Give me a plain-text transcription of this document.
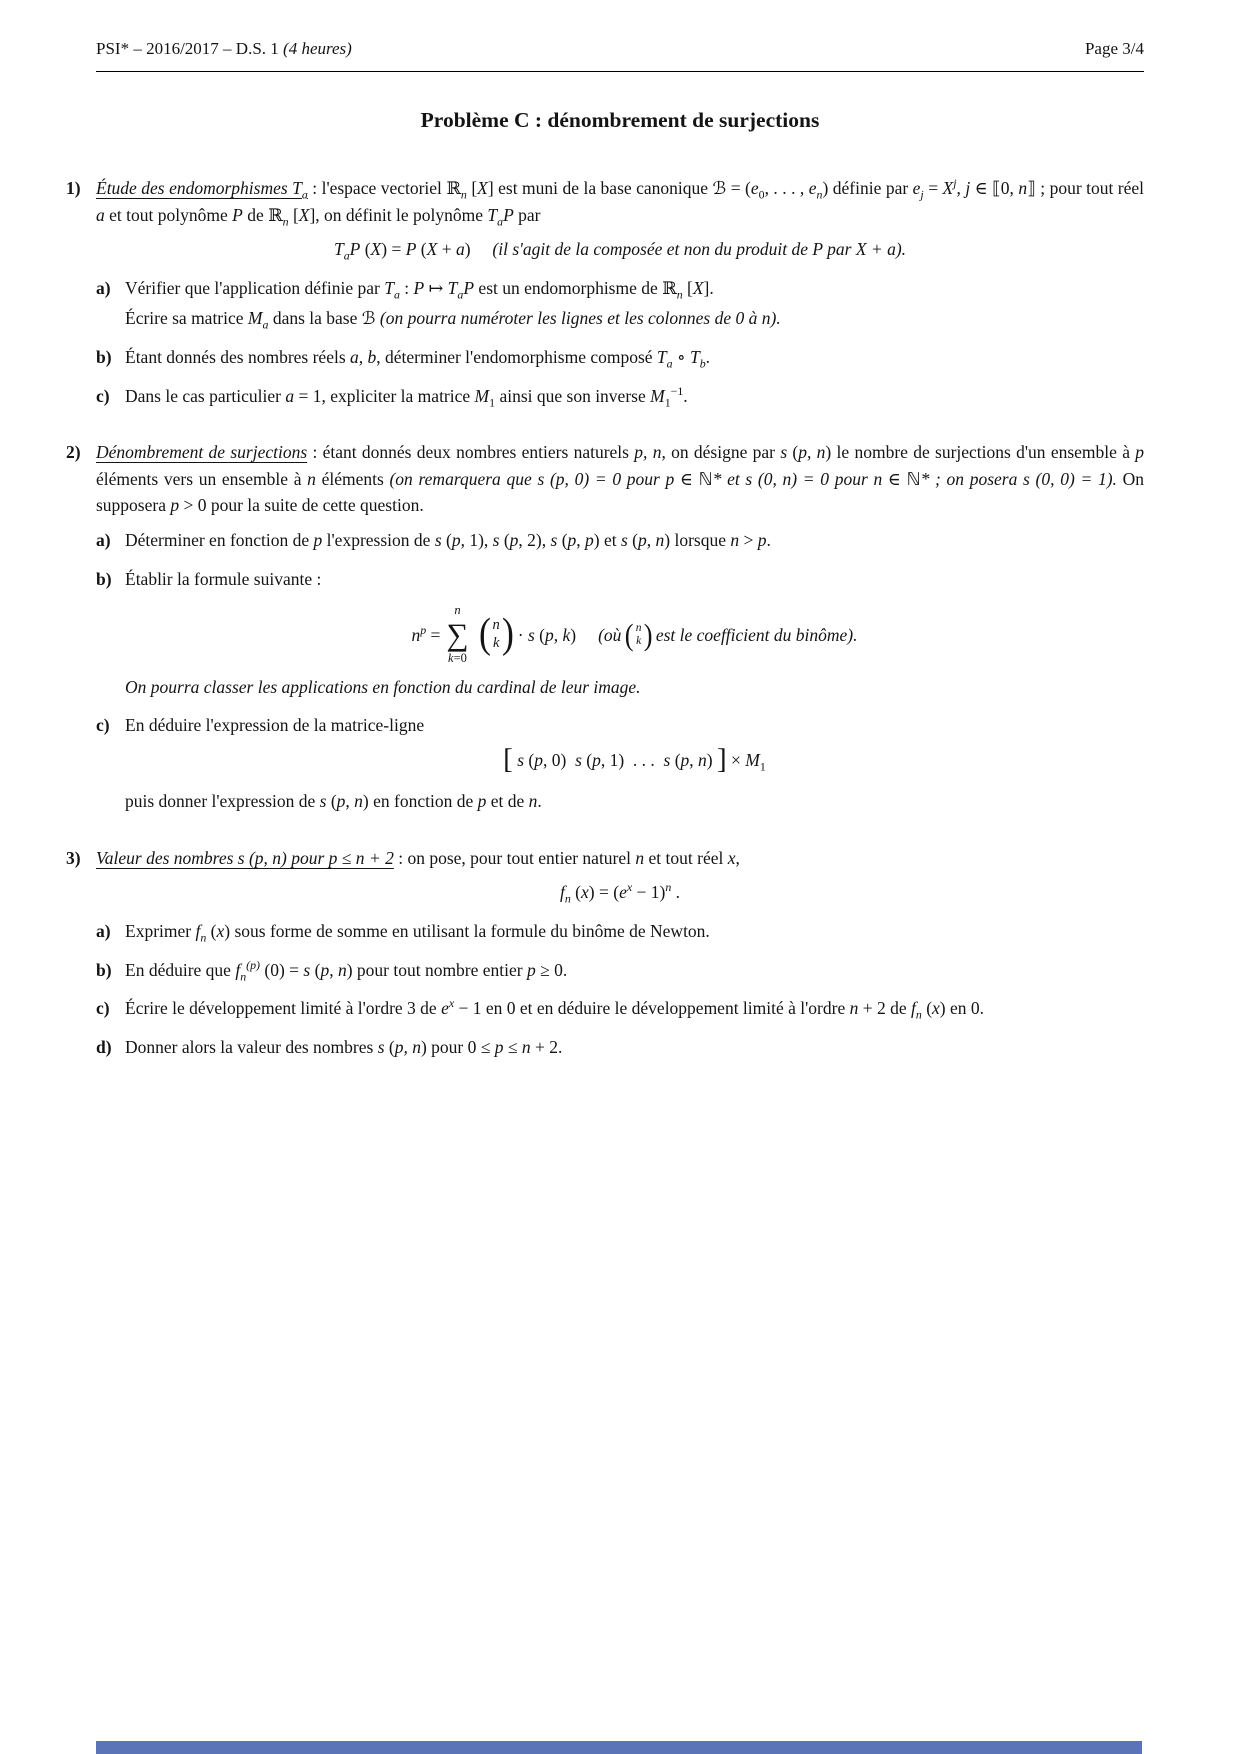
PSI* – 2016/2017 – D.S. 1 (4 heures)	Page 3/4
Problème C : dénombrement de surjections
1) Étude des endomorphismes $T_a$ : l'espace vectoriel ℝ$_n$ [X] est muni de la base canonique ℬ = ($e_0$, . . . , $e_n$) définie par $e_j = X^j$, j ∈ ⟦0, n⟧ ; pour tout réel a et tout polynôme P de ℝ$_n$ [X], on définit le polynôme $T_aP$ par

$T_aP$ (X) = P (X + a) (il s'agit de la composée et non du produit de P par X + a).
a) Vérifier que l'application définie par $T_a$ : P ↦ $T_aP$ est un endomorphisme de ℝ$_n$ [X].

Écrire sa matrice $M_a$ dans la base ℬ (on pourra numéroter les lignes et les colonnes de 0 à n).

b) Étant donnés des nombres réels a, b, déterminer l'endomorphisme composé $T_a$ ∘ $T_b$.

c) Dans le cas particulier a = 1, expliciter la matrice $M_1$ ainsi que son inverse $M_1^{-1}$.

2) Dénombrement de surjections : étant donnés deux nombres entiers naturels p, n, on désigne par s (p, n) le nombre de surjections d'un ensemble à p éléments vers un ensemble à n éléments (on remarquera que s (p, 0) = 0 pour p ∈ ℕ* et s (0, n) = 0 pour n ∈ ℕ* ; on posera s (0, 0) = 1). On supposera p > 0 pour la suite de cette question.

a) Déterminer en fonction de p l'expression de s (p, 1), s (p, 2), s (p, p) et s (p, n) lorsque n > p.

b) Établir la formule suivante :

$n^p$ =
n
∑
k=0
( n
k ) · s (p, k) (où ( n
k ) est le coefficient du binôme).

On pourra classer les applications en fonction du cardinal de leur image.

c) En déduire l'expression de la matrice-ligne

[ s (p, 0)  s (p, 1)  . . .  s (p, n) ] × $M_1$

puis donner l'expression de s (p, n) en fonction de p et de n.

3) Valeur des nombres s (p, n) pour p ≤ n + 2 : on pose, pour tout entier naturel n et tout réel x,

$f_n$ $(x) = (e^x - 1)^n$ .
a) Exprimer $f_n$ (x) sous forme de somme en utilisant la formule du binôme de Newton.

b) En déduire que $f_n^{(p)}$ (0) = s (p, n) pour tout nombre entier p ≥ 0.

c) Écrire le développement limité à l'ordre 3 de $e^x - 1$ en 0 et en déduire le développement limité à l'ordre n + 2 de $f_n$ (x) en 0.

d) Donner alors la valeur des nombres s (p, n) pour 0 ≤ p ≤ n + 2.
